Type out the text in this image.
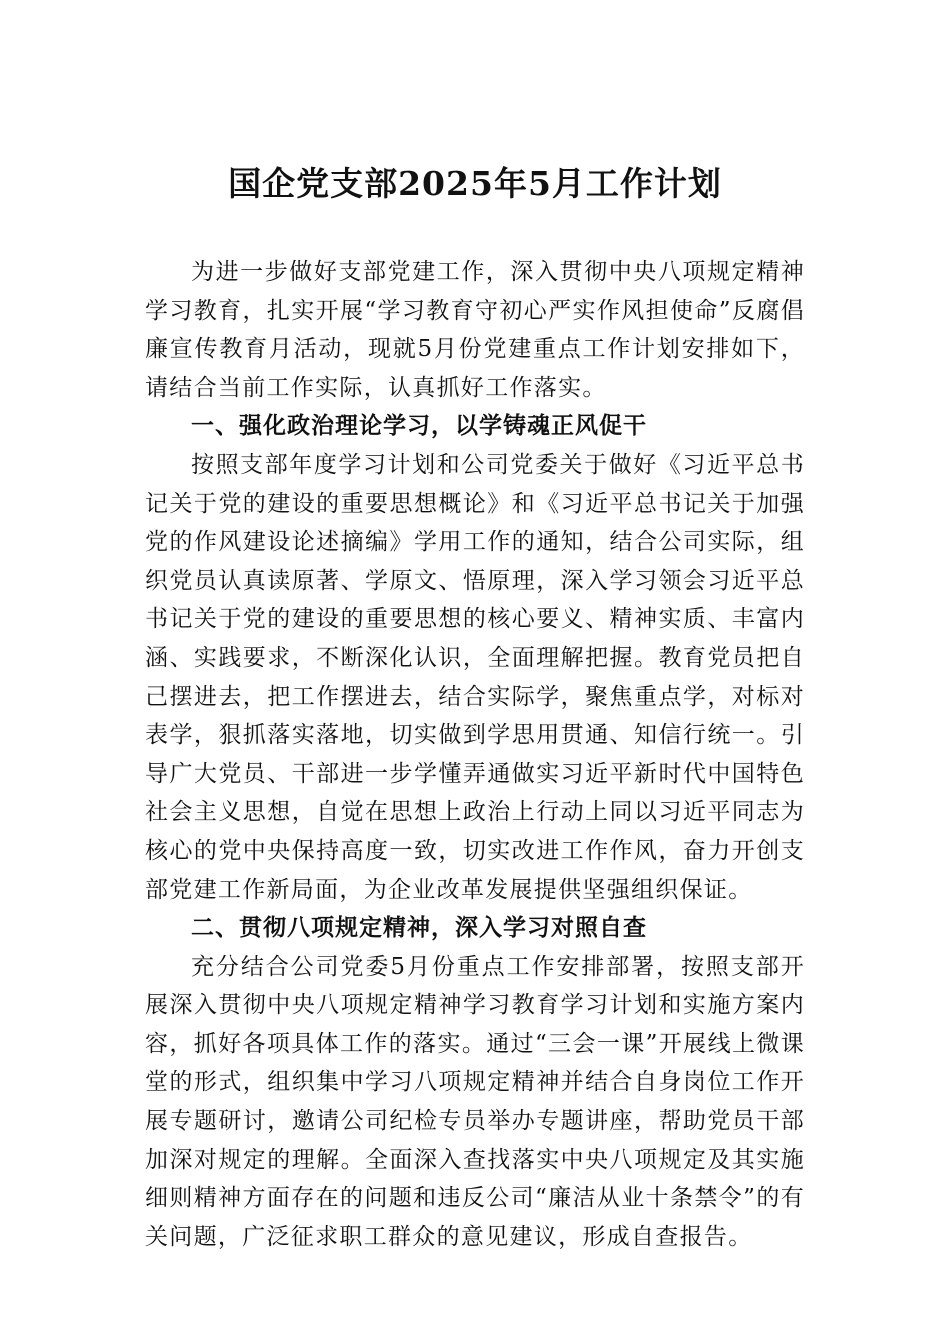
国企党支部2025年5月工作计划

为进一步做好支部党建工作，深入贯彻中央八项规定精神学习教育，扎实开展“学习教育守初心严实作风担使命”反腐倡廉宣传教育月活动，现就5月份党建重点工作计划安排如下，请结合当前工作实际，认真抓好工作落实。

一、强化政治理论学习，以学铸魂正风促干

按照支部年度学习计划和公司党委关于做好《习近平总书记关于党的建设的重要思想概论》和《习近平总书记关于加强党的作风建设论述摘编》学用工作的通知，结合公司实际，组织党员认真读原著、学原文、悟原理，深入学习领会习近平总书记关于党的建设的重要思想的核心要义、精神实质、丰富内涵、实践要求，不断深化认识，全面理解把握。教育党员把自己摆进去，把工作摆进去，结合实际学，聚焦重点学，对标对表学，狠抓落实落地，切实做到学思用贯通、知信行统一。引导广大党员、干部进一步学懂弄通做实习近平新时代中国特色社会主义思想，自觉在思想上政治上行动上同以习近平同志为核心的党中央保持高度一致，切实改进工作作风，奋力开创支部党建工作新局面，为企业改革发展提供坚强组织保证。

二、贯彻八项规定精神，深入学习对照自查

充分结合公司党委5月份重点工作安排部署，按照支部开展深入贯彻中央八项规定精神学习教育学习计划和实施方案内容，抓好各项具体工作的落实。通过“三会一课”开展线上微课堂的形式，组织集中学习八项规定精神并结合自身岗位工作开展专题研讨，邀请公司纪检专员举办专题讲座，帮助党员干部加深对规定的理解。全面深入查找落实中央八项规定及其实施细则精神方面存在的问题和违反公司“廉洁从业十条禁令”的有关问题，广泛征求职工群众的意见建议，形成自查报告。
